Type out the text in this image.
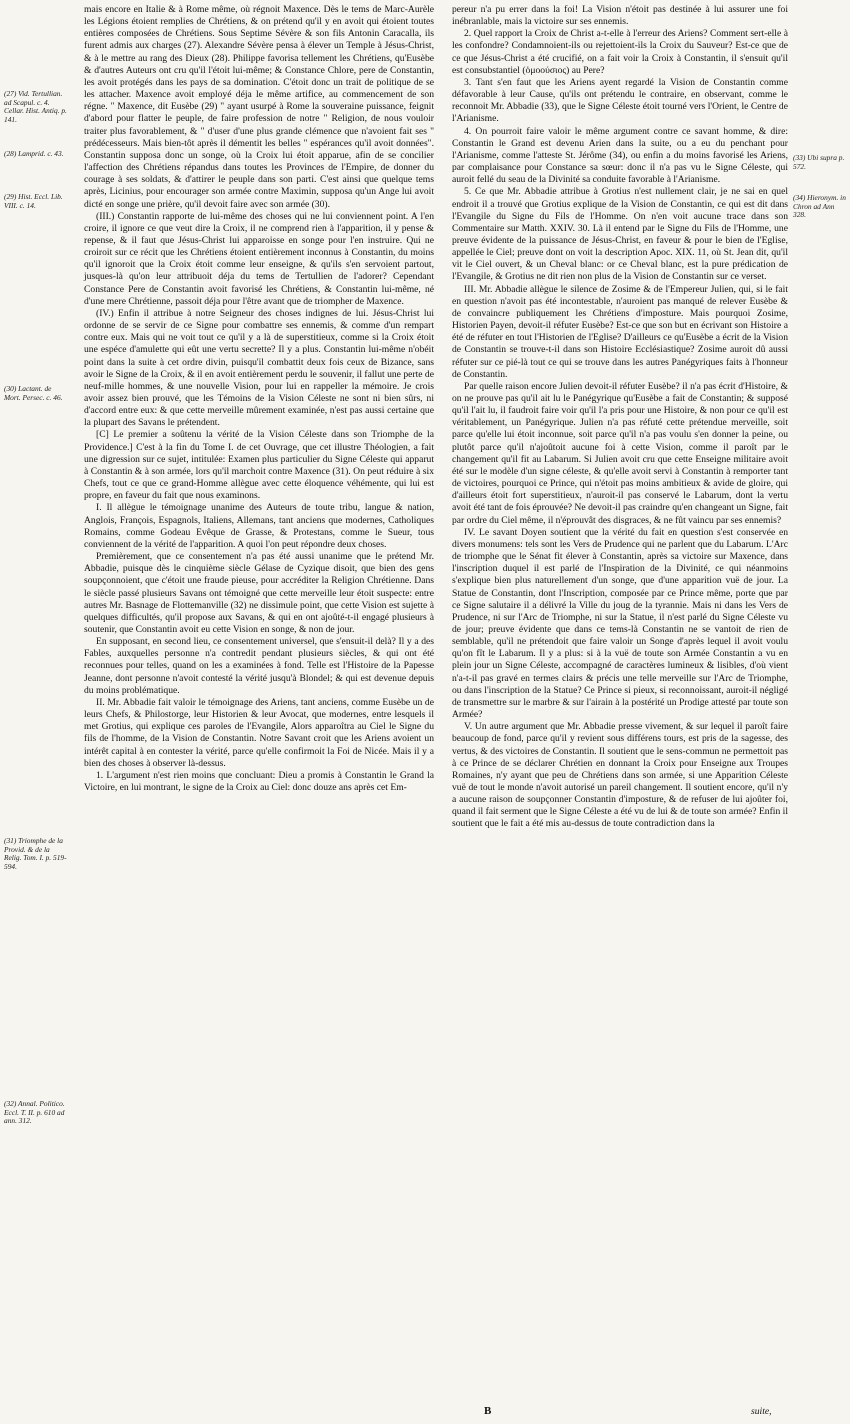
mais encore en Italie & à Rome même, où régnoit Maxence. Dès le tems de Marc-Aurèle les Légions étoient remplies de Chrétiens, & on prétend qu'il y en avoit qui étoient toutes entières composées de Chrétiens. Sous Septime Sévère & son fils Antonin Caracalla, ils furent admis aux charges (27). Alexandre Sévère pensa à élever un Temple à Jésus-Christ, & à le mettre au rang des Dieux (28). Philippe favorisa tellement les Chrétiens, qu'Eusèbe & d'autres Auteurs ont cru qu'il l'étoit lui-même; & Constance Chlore, pere de Constantin, les avoit protégés dans les pays de sa domination. C'étoit donc un trait de politique de se les attacher. Maxence avoit employé déja le même artifice, au commencement de son régne. " Maxence, dit Eusèbe (29) " ayant usurpé à Rome la souveraine puissance, feignit d'abord pour flatter le peuple, de faire profession de notre " Religion, de nous vouloir traiter plus favorablement, & " d'user d'une plus grande clémence que n'avoient fait ses " prédécesseurs. Mais bien-tôt après il démentit les belles " espérances qu'il avoit données". Constantin supposa donc un songe, où la Croix lui étoit apparue, afin de se concilier l'affection des Chrétiens répandus dans toutes les Provinces de l'Empire, de donner du courage à ses soldats, & d'attirer le peuple dans son parti. C'est ainsi que quelque tems après, Licinius, pour encourager son armée contre Maximin, supposa qu'un Ange lui avoit dicté en songe une prière, qu'il devoit faire avec son armée (30).

(III.) Constantin rapporte de lui-même des choses qui ne lui conviennent point. A l'en croire, il ignore ce que veut dire la Croix, il ne comprend rien à l'apparition, il y pense & repense, & il faut que Jésus-Christ lui apparoisse en songe pour l'en instruire. Qui ne croiroit sur ce récit que les Chrétiens étoient entièrement inconnus à Constantin, du moins qu'il ignoroit que la Croix étoit comme leur enseigne, & qu'ils s'en servoient partout, jusques-là qu'on leur attribuoit déja du tems de Tertullien de l'adorer? Cependant Constance Pere de Constantin avoit favorisé les Chrétiens, & Constantin lui-même, né d'une mere Chrétienne, passoit déja pour l'être avant que de triompher de Maxence.

(IV.) Enfin il attribue à notre Seigneur des choses indignes de lui. Jésus-Christ lui ordonne de se servir de ce Signe pour combattre ses ennemis, & comme d'un rempart contre eux. Mais qui ne voit tout ce qu'il y a là de superstitieux, comme si la Croix étoit une espéce d'amulette qui eût une vertu secrette? Il y a plus. Constantin lui-même n'obéit point dans la suite à cet ordre divin, puisqu'il combattit deux fois ceux de Bizance, sans avoir le Signe de la Croix, & il en avoit entièrement perdu le souvenir, il fallut une perte de neuf-mille hommes, & une nouvelle Vision, pour lui en rappeller la mémoire. Je crois avoir assez bien prouvé, que les Témoins de la Vision Céleste ne sont ni bien sûrs, ni d'accord entre eux: & que cette merveille mûrement examinée, n'est pas aussi certaine que la plupart des Savans le prétendent.

[C] Le premier a soûtenu la vérité de la Vision Céleste dans son Triomphe de la Providence.] C'est à la fin du Tome I. de cet Ouvrage, que cet illustre Théologien, a fait une digression sur ce sujet, intitulée: Examen plus particulier du Signe Céleste qui apparut à Constantin & à son armée, lors qu'il marchoit contre Maxence (31). On peut réduire à six Chefs, tout ce que ce grand-Homme allègue avec cette éloquence véhémente, qui lui est propre, en faveur du fait que nous examinons.

I. Il allègue le témoignage unanime des Auteurs de toute tribu, langue & nation, Anglois, François, Espagnols, Italiens, Allemans, tant anciens que modernes, Catholiques Romains, comme Godeau Evêque de Grasse, & Protestans, comme le Sueur, tous conviennent de la vérité de l'apparition. A quoi l'on peut répondre deux choses.

Premièrement, que ce consentement n'a pas été aussi unanime que le prétend Mr. Abbadie, puisque dès le cinquième siècle Gélase de Cyzique disoit, que bien des gens soupçonnoient, que c'étoit une fraude pieuse, pour accréditer la Religion Chrétienne. Dans le siècle passé plusieurs Savans ont témoigné que cette merveille leur étoit suspecte: entre autres Mr. Basnage de Flottemanville (32) ne dissimule point, que cette Vision est sujette à quelques difficultés, qu'il propose aux Savans, & qui en ont ajoûté-t-il engagé plusieurs à soutenir, que Constantin avoit eu cette Vision en songe, & non de jour.

En supposant, en second lieu, ce consentement universel, que s'ensuit-il delà? Il y a des Fables, auxquelles personne n'a contredit pendant plusieurs siècles, & qui ont été reconnues pour telles, quand on les a examinées à fond. Telle est l'Histoire de la Papesse Jeanne, dont personne n'avoit contesté la vérité jusqu'à Blondel; & qui est devenue depuis du moins problématique.

II. Mr. Abbadie fait valoir le témoignage des Ariens, tant anciens, comme Eusèbe un de leurs Chefs, & Philostorge, leur Historien & leur Avocat, que modernes, entre lesquels il met Grotius, qui explique ces paroles de l'Evangile, Alors apparoîtra au Ciel le Signe du fils de l'homme, de la Vision de Constantin. Notre Savant croit que les Ariens avoient un intérêt capital à en contester la vérité, parce qu'elle confirmoit la Foi de Nicée. Mais il y a bien des choses à observer là-dessus.

1. L'argument n'est rien moins que concluant: Dieu a promis à Constantin le Grand la Victoire, en lui montrant, le signe de la Croix au Ciel: donc douze ans après cet Em-

pereur n'a pu errer dans la foi! La Vision n'étoit pas destinée à lui assurer une foi inébranlable, mais la victoire sur ses ennemis.

2. Quel rapport la Croix de Christ a-t-elle à l'erreur des Ariens? Comment sert-elle à les confondre? Condamnoient-ils ou rejettoient-ils la Croix du Sauveur? Est-ce que de ce que Jésus-Christ a été crucifié, on a fait voir la Croix à Constantin, il s'ensuit qu'il est consubstantiel (ὁμοούσιος) au Pere?

3. Tant s'en faut que les Ariens ayent regardé la Vision de Constantin comme défavorable à leur Cause, qu'ils ont prétendu le contraire, en observant, comme le reconnoit Mr. Abbadie (33), que le Signe Céleste étoit tourné vers l'Orient, le Centre de l'Arianisme.

4. On pourroit faire valoir le même argument contre ce savant homme, & dire: Constantin le Grand est devenu Arien dans la suite, ou a eu du penchant pour l'Arianisme, comme l'atteste St. Jérôme (34), ou enfin a du moins favorisé les Ariens, par complaisance pour Constance sa sœur: donc il n'a pas vu le Signe Céleste, qui auroit fellé du seau de la Divinité sa conduite favorable à l'Arianisme.

5. Ce que Mr. Abbadie attribue à Grotius n'est nullement clair, je ne sai en quel endroit il a trouvé que Grotius explique de la Vision de Constantin, ce qui est dit dans l'Evangile du Signe du Fils de l'Homme. On n'en voit aucune trace dans son Commentaire sur Matth. XXIV. 30. Là il entend par le Signe du Fils de l'Homme, une preuve évidente de la puissance de Jésus-Christ, en faveur & pour le bien de l'Eglise, appellée le Ciel; preuve dont on voit la description Apoc. XIX. 11, où St. Jean dit, qu'il vit le Ciel ouvert, & un Cheval blanc: or ce Cheval blanc, est la pure prédication de l'Evangile, & Grotius ne dit rien non plus de la Vision de Constantin sur ce verset.

III. Mr. Abbadie allègue le silence de Zosime & de l'Empereur Julien, qui, si le fait en question n'avoit pas été incontestable, n'auroient pas manqué de relever Eusèbe & de convaincre publiquement les Chrétiens d'imposture. Mais pourquoi Zosime, Historien Payen, devoit-il réfuter Eusèbe? Est-ce que son but en écrivant son Histoire a été de réfuter en tout l'Historien de l'Eglise? D'ailleurs ce qu'Eusèbe a écrit de la Vision de Constantin se trouve-t-il dans son Histoire Ecclésiastique? Zosime auroit dû aussi réfuter sur ce pié-là tout ce qui se trouve dans les autres Panégyriques faits à l'honneur de Constantin.

Par quelle raison encore Julien devoit-il réfuter Eusèbe? il n'a pas écrit d'Histoire, & on ne prouve pas qu'il ait lu le Panégyrique qu'Eusèbe a fait de Constantin; & supposé qu'il l'ait lu, il faudroit faire voir qu'il l'a pris pour une Histoire, & non pour ce qu'il est véritablement, un Panégyrique. Julien n'a pas réfuté cette prétendue merveille, soit parce qu'elle lui étoit inconnue, soit parce qu'il n'a pas voulu s'en donner la peine, ou plutôt parce qu'il n'ajoûtoit aucune foi à cette Vision, comme il paroît par le changement qu'il fit au Labarum. Si Julien avoit cru que cette Enseigne militaire avoit été sur le modèle d'un signe céleste, & qu'elle avoit servi à Constantin à remporter tant de victoires, pourquoi ce Prince, qui n'étoit pas moins ambitieux & avide de gloire, qui d'ailleurs étoit fort superstitieux, n'auroit-il pas conservé le Labarum, dont la vertu avoit été tant de fois éprouvée? Ne devoit-il pas craindre qu'en changeant un Signe, fait par ordre du Ciel même, il n'éprouvât des disgraces, & ne fût vaincu par ses ennemis?

IV. Le savant Doyen soutient que la vérité du fait en question s'est conservée en divers monumens: tels sont les Vers de Prudence qui ne parlent que du Labarum. L'Arc de triomphe que le Sénat fit élever à Constantin, après sa victoire sur Maxence, dans l'inscription duquel il est parlé de l'Inspiration de la Divinité, ce qui néanmoins s'explique bien plus naturellement d'un songe, que d'une apparition vuë de jour. La Statue de Constantin, dont l'Inscription, composée par ce Prince même, porte que par ce Signe salutaire il a délivré la Ville du joug de la tyrannie. Mais ni dans les Vers de Prudence, ni sur l'Arc de Triomphe, ni sur la Statue, il n'est parlé du Signe Céleste vu de jour; preuve évidente que dans ce tems-là Constantin ne se vantoit de rien de semblable, qu'il ne prétendoit que faire valoir un Songe d'après lequel il avoit voulu qu'on fît le Labarum. Il y a plus: si à la vuë de toute son Armée Constantin a vu en plein jour un Signe Céleste, accompagné de caractères lumineux & lisibles, d'où vient n'a-t-il pas gravé en termes clairs & précis une telle merveille sur l'Arc de Triomphe, ou dans l'inscription de la Statue? Ce Prince si pieux, si reconnoissant, auroit-il négligé de transmettre sur le marbre & sur l'airain à la postérité un Prodige attesté par toute son Armée?

V. Un autre argument que Mr. Abbadie presse vivement, & sur lequel il paroît faire beaucoup de fond, parce qu'il y revient sous différens tours, est pris de la sagesse, des vertus, & des victoires de Constantin. Il soutient que le sens-commun ne permettoit pas à ce Prince de se déclarer Chrétien en donnant la Croix pour Enseigne aux Troupes Romaines, n'y ayant que peu de Chrétiens dans son armée, si une Apparition Céleste vuë de tout le monde n'avoit autorisé un pareil changement. Il soutient encore, qu'il n'y a aucune raison de soupçonner Constantin d'imposture, & de refuser de lui ajoûter foi, quand il fait serment que le Signe Céleste a été vu de lui & de toute son armée? Enfin il soutient que le fait a été mis au-dessus de toute contradiction dans la

(27) Vid. Tertullian. ad Scapul. c. 4. Cellar. Hist. Antiq. p. 141.
(28) Lamprid. c. 43.
(29) Hist. Eccl. Lib. VIII. c. 14.
(30) Lactant. de Mort. Persec. c. 46.
(31) Triomphe de la Provid. & de la Relig. Tom. I. p. 519-594.
(32) Annal. Politico. Eccl. T. II. p. 610 ad ann. 312.
(33) Ubi supra p. 572.
(34) Hieronym. in Chron ad Ann 328.
B	suite,
